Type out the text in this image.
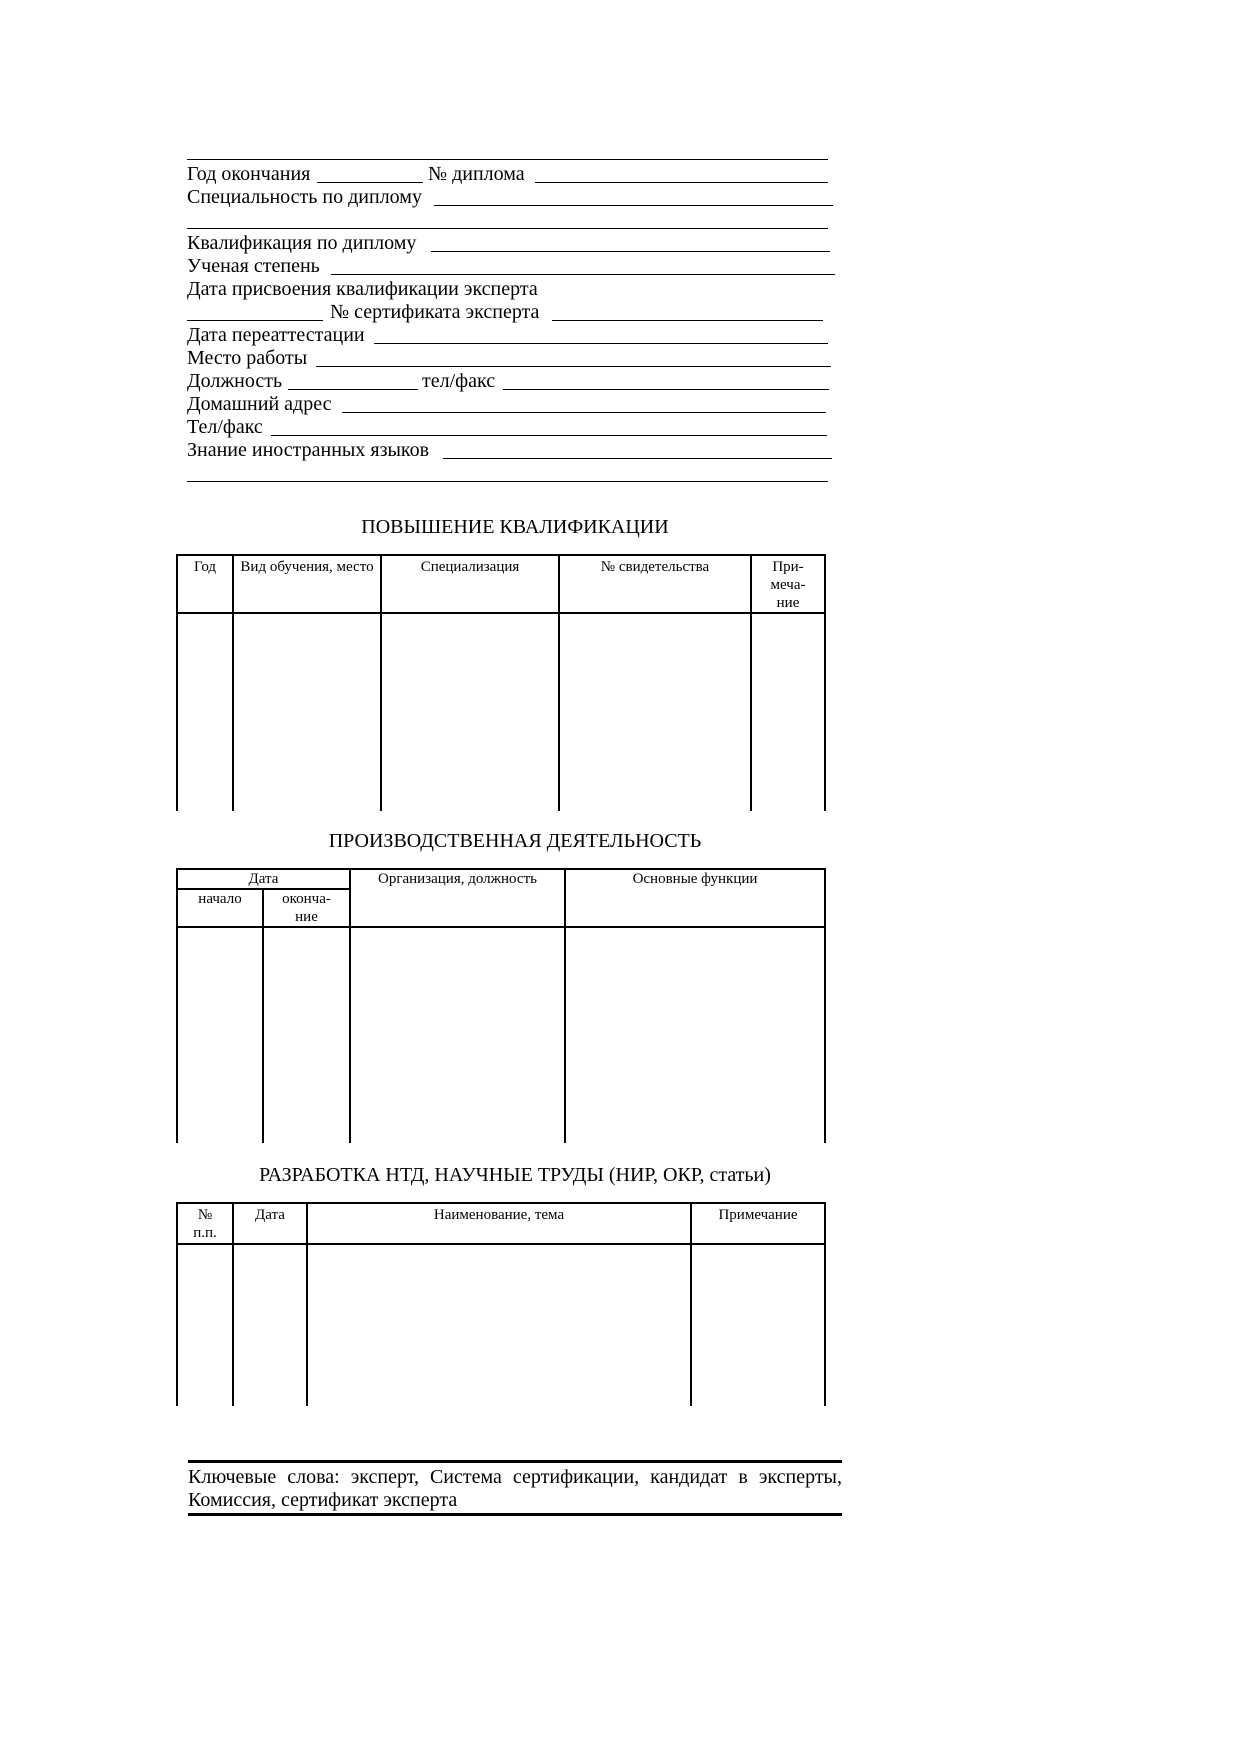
Год окончания	№ диплома
Специальность по диплому
Квалификация по диплому
Ученая степень
Дата присвоения квалификации эксперта
№ сертификата эксперта
Дата переаттестации
Место работы
Должность	тел/факс
Домашний адрес
Тел/факс
Знание иностранных языков
ПОВЫШЕНИЕ КВАЛИФИКАЦИИ
Год	Вид обучения, место	Специализация	№ свидетельства	При-меча-ние

ПРОИЗВОДСТВЕННАЯ ДЕЯТЕЛЬНОСТЬ
Дата		Организация, должность	Основные функции
начало	оконча-ние		

РАЗРАБОТКА НТД, НАУЧНЫЕ ТРУДЫ (НИР, ОКР, статьи)
№ п.п.	Дата	Наименование, тема	Примечание

Ключевые слова: эксперт, Система сертификации, кандидат в эксперты, Комиссия, сертификат эксперта
